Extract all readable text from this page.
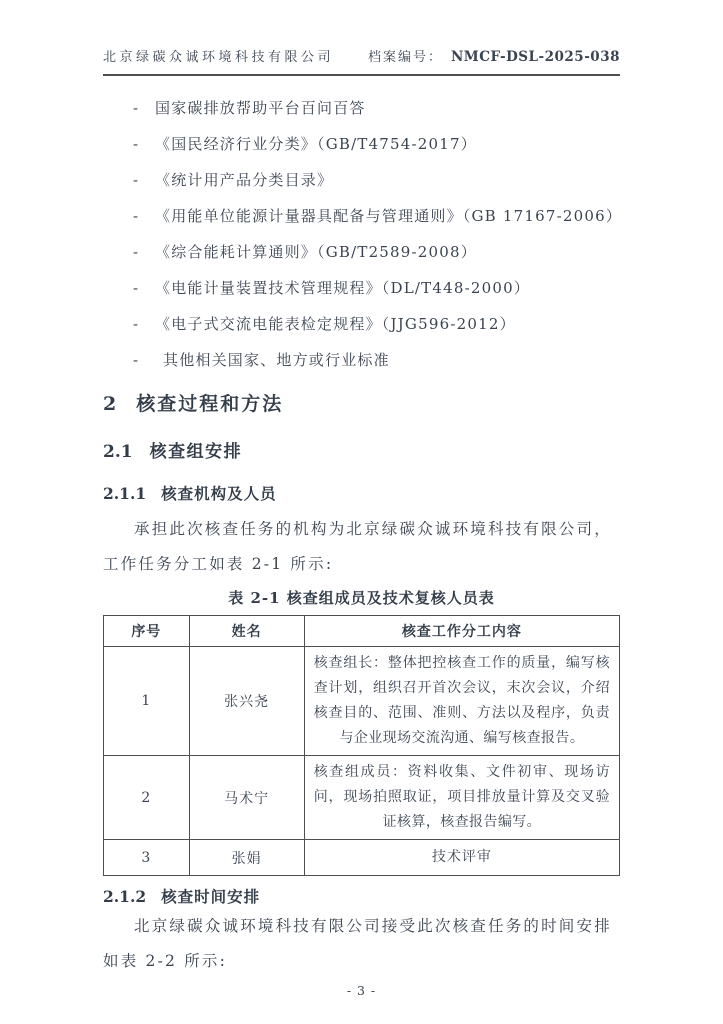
北京绿碳众诚环境科技有限公司	档案编号： NMCF-DSL-2025-038
-	国家碳排放帮助平台百问百答
-	《国民经济行业分类》（GB/T4754-2017）
-	《统计用产品分类目录》
-	《用能单位能源计量器具配备与管理通则》（GB 17167-2006）
-	《综合能耗计算通则》（GB/T2589-2008）
-	《电能计量装置技术管理规程》（DL/T448-2000）
-	《电子式交流电能表检定规程》（JJG596-2012）
-	其他相关国家、地方或行业标准
2 核查过程和方法
2.1 核查组安排
2.1.1 核查机构及人员
承担此次核查任务的机构为北京绿碳众诚环境科技有限公司，
工作任务分工如表 2-1 所示:
表 2-1 核查组成员及技术复核人员表
序号	姓名	核查工作分工内容
1	张兴尧	核查组长：整体把控核查工作的质量，编写核查计划，组织召开首次会议，末次会议，介绍核查目的、范围、准则、方法以及程序，负责与企业现场交流沟通、编写核查报告。
2	马术宁	核查组成员：资料收集、文件初审、现场访问，现场拍照取证，项目排放量计算及交叉验证核算，核查报告编写。
3	张娟	技术评审
2.1.2 核查时间安排
北京绿碳众诚环境科技有限公司接受此次核查任务的时间安排
如表 2-2 所示:
- 3 -
